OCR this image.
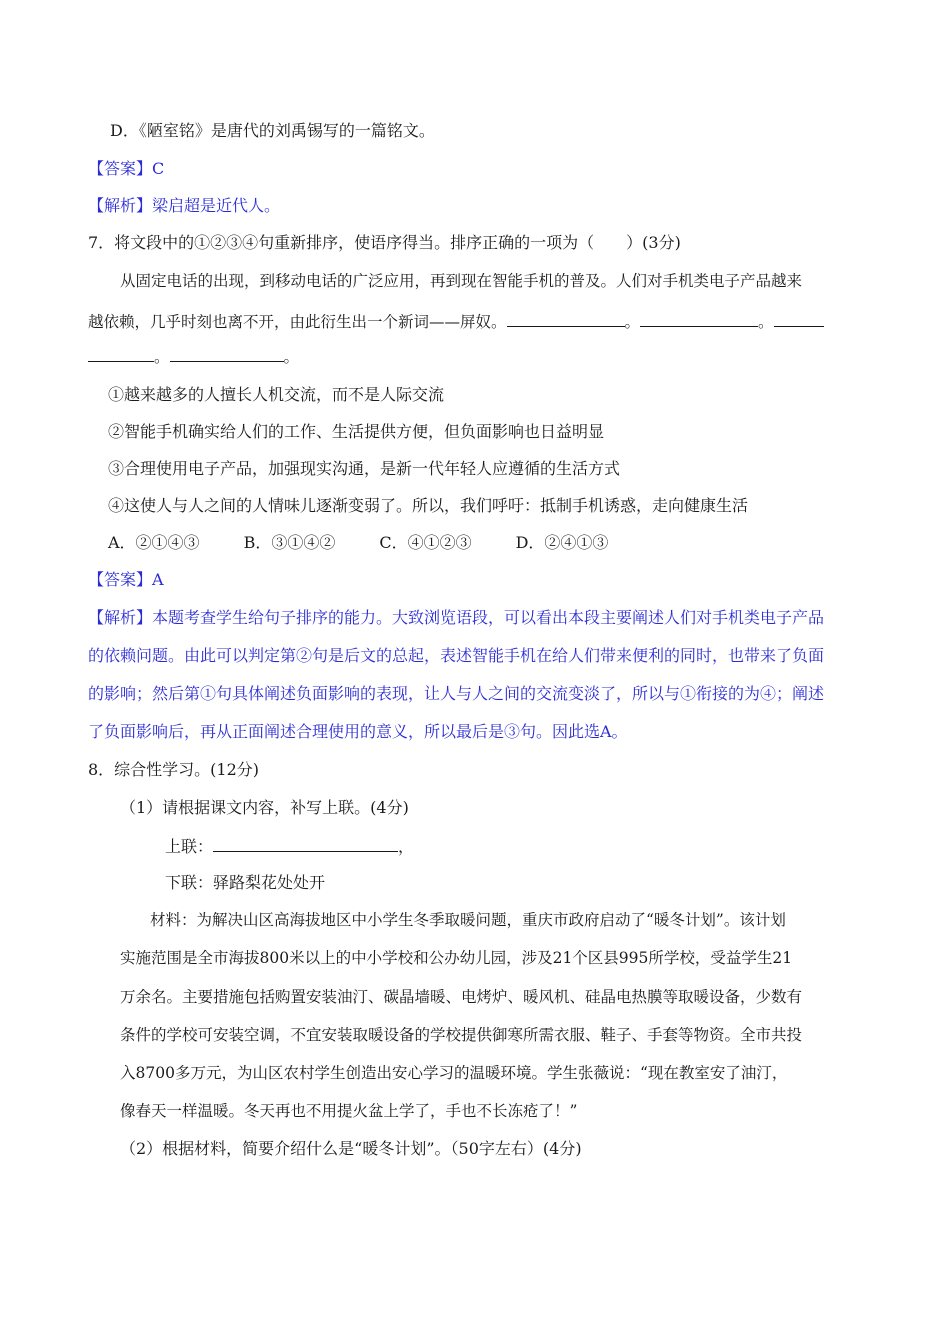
D．《陋室铭》是唐代的刘禹锡写的一篇铭文。
【答案】C
【解析】梁启超是近代人。
7．将文段中的①②③④句重新排序，使语序得当。排序正确的一项为（　　）(3分)
从固定电话的出现，到移动电话的广泛应用，再到现在智能手机的普及。人们对手机类电子产品越来
越依赖，几乎时刻也离不开，由此衍生出一个新词——屏奴。	。	。
。	。
①越来越多的人擅长人机交流，而不是人际交流
②智能手机确实给人们的工作、生活提供方便，但负面影响也日益明显
③合理使用电子产品，加强现实沟通，是新一代年轻人应遵循的生活方式
④这使人与人之间的人情味儿逐渐变弱了。所以，我们呼吁：抵制手机诱惑，走向健康生活
A．②①④③	B．③①④②	C．④①②③	D．②④①③
【答案】A
【解析】本题考查学生给句子排序的能力。大致浏览语段，可以看出本段主要阐述人们对手机类电子产品
的依赖问题。由此可以判定第②句是后文的总起，表述智能手机在给人们带来便利的同时，也带来了负面
的影响；然后第①句具体阐述负面影响的表现，让人与人之间的交流变淡了，所以与①衔接的为④；阐述
了负面影响后，再从正面阐述合理使用的意义，所以最后是③句。因此选A。
8．综合性学习。(12分)
（1）请根据课文内容，补写上联。(4分)
上联：	，
下联：驿路梨花处处开
材料：为解决山区高海拔地区中小学生冬季取暖问题，重庆市政府启动了“暖冬计划”。该计划
实施范围是全市海拔800米以上的中小学校和公办幼儿园，涉及21个区县995所学校，受益学生21
万余名。主要措施包括购置安装油汀、碳晶墙暖、电烤炉、暖风机、硅晶电热膜等取暖设备，少数有
条件的学校可安装空调，不宜安装取暖设备的学校提供御寒所需衣服、鞋子、手套等物资。全市共投
入8700多万元，为山区农村学生创造出安心学习的温暖环境。学生张薇说：“现在教室安了油汀，
像春天一样温暖。冬天再也不用提火盆上学了，手也不长冻疮了！”
（2）根据材料，简要介绍什么是“暖冬计划”。（50字左右）(4分)
